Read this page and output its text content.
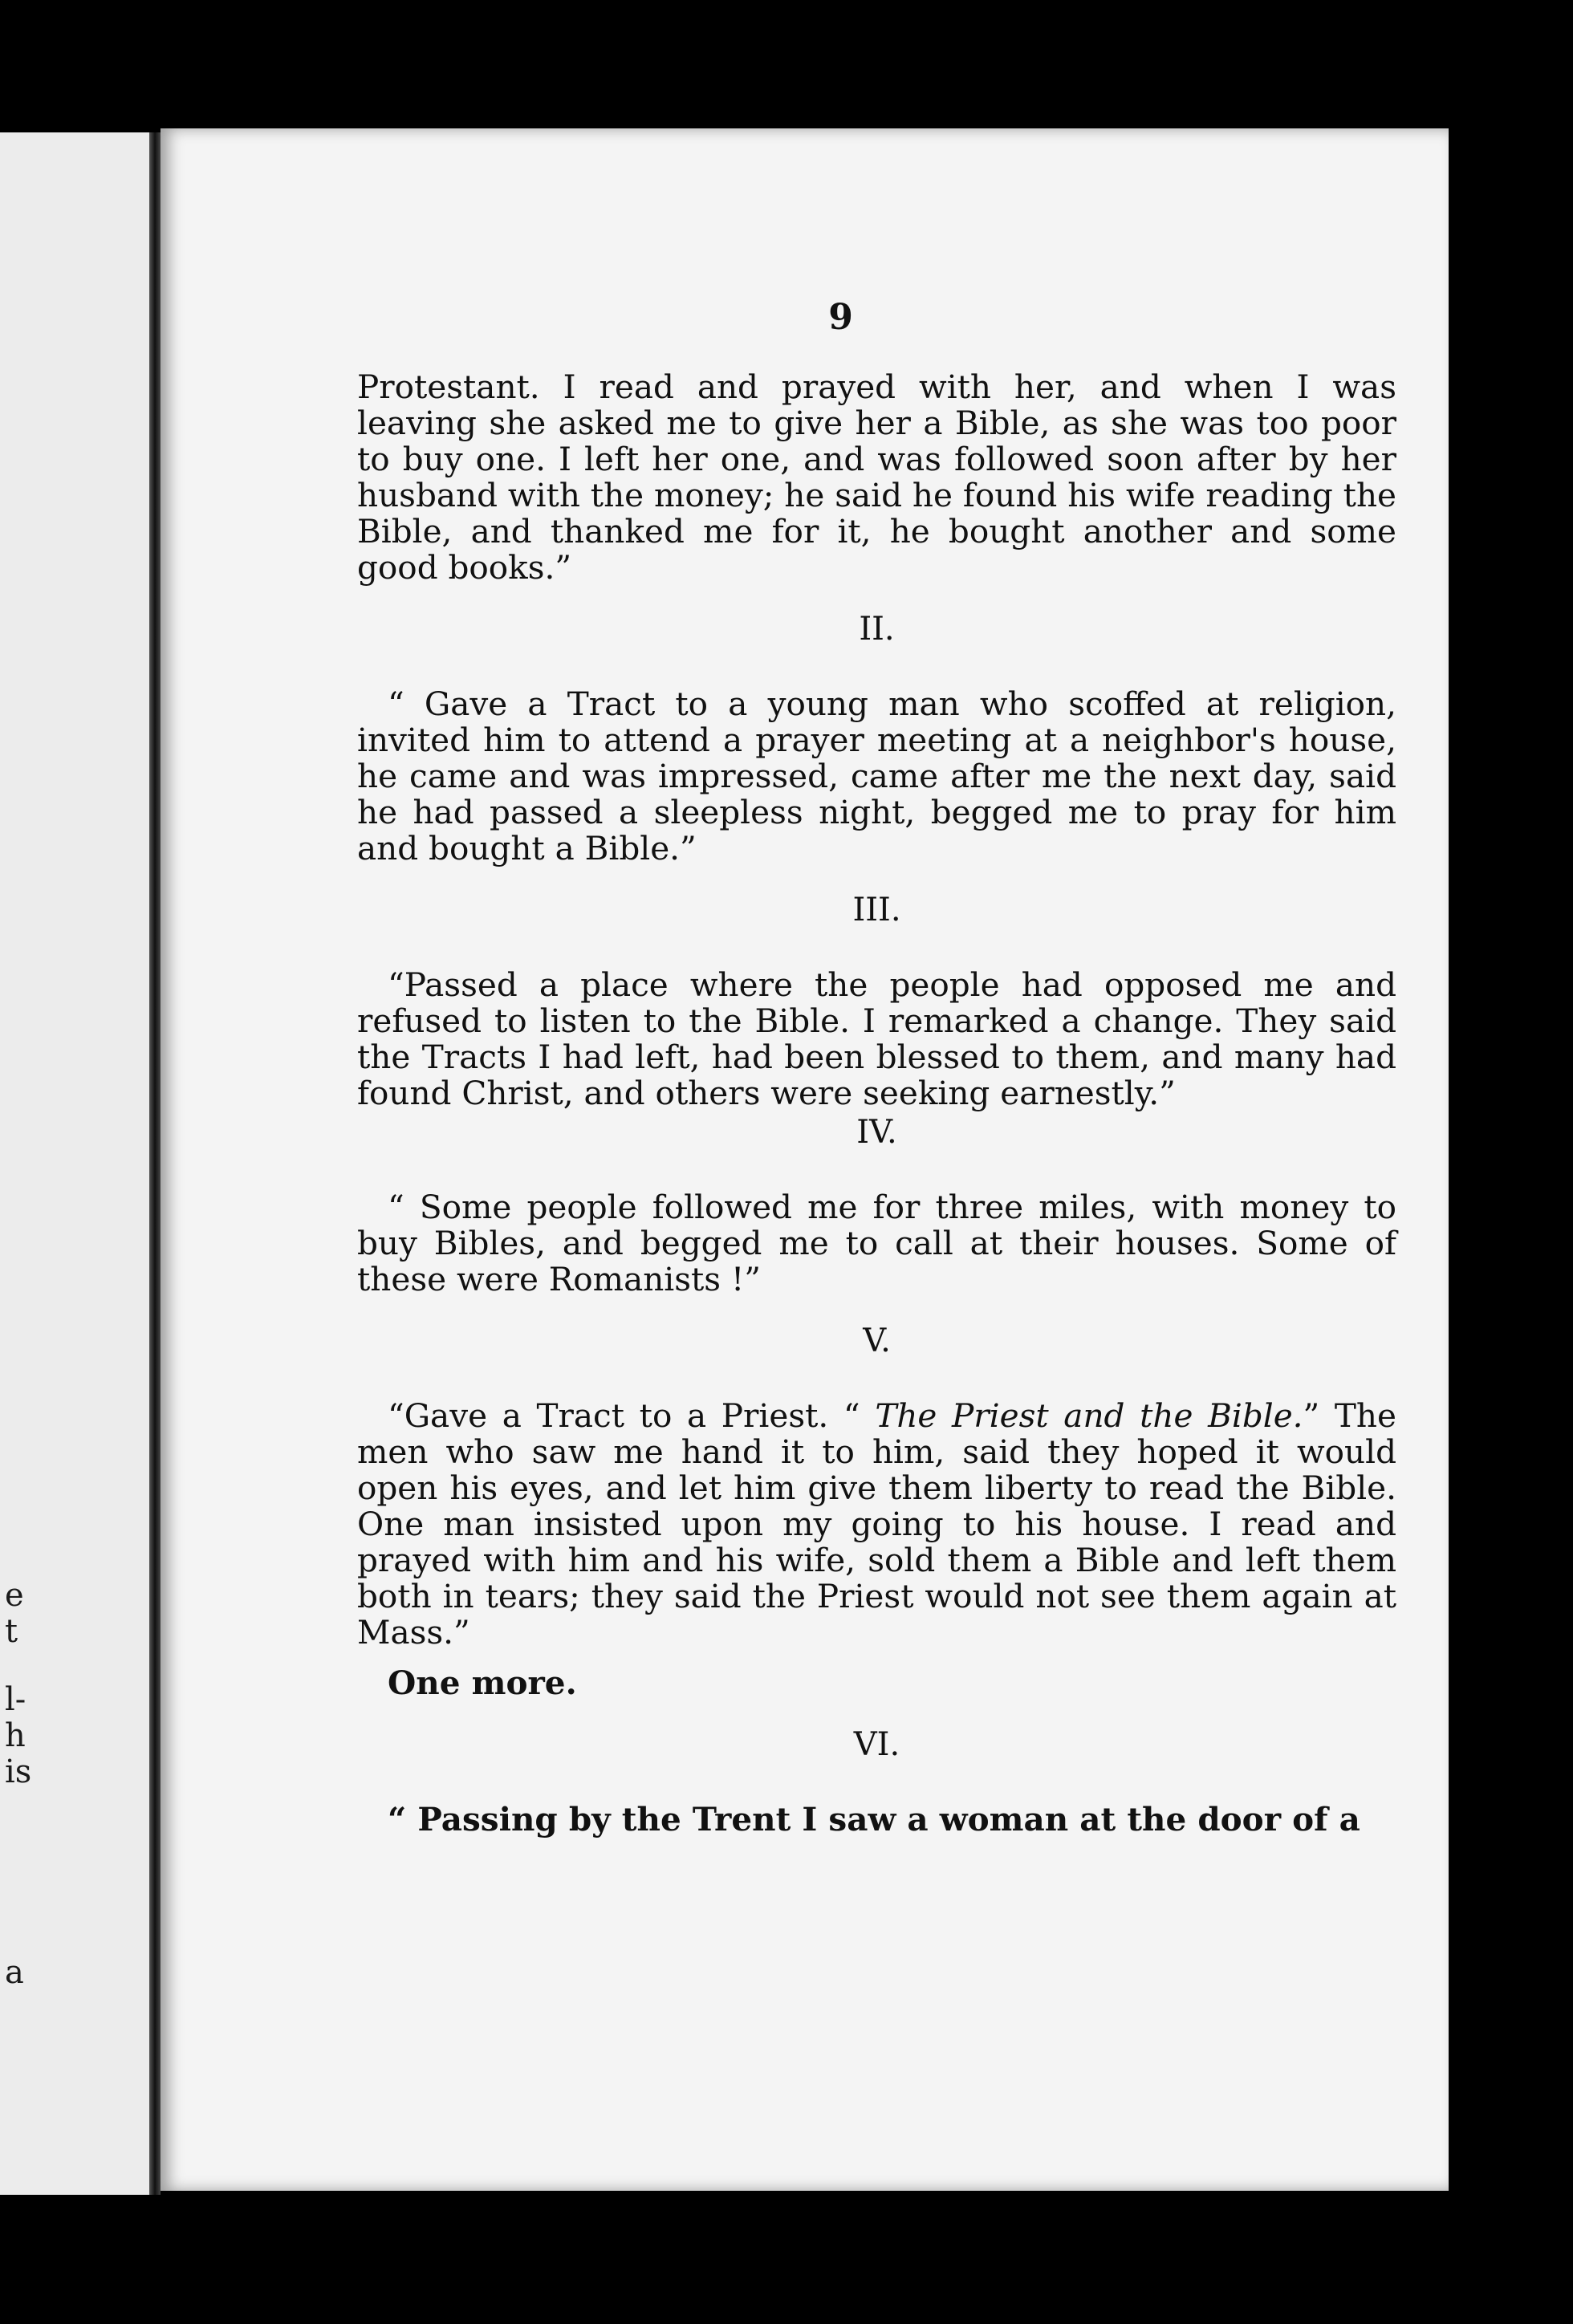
e
t
l-
h
is
a
9

Protestant. I read and prayed with her, and when I was leaving she asked me to give her a Bible, as she was too poor to buy one. I left her one, and was followed soon after by her husband with the money; he said he found his wife reading the Bible, and thanked me for it, he bought another and some good books.”

II.

“ Gave a Tract to a young man who scoffed at religion, invited him to attend a prayer meeting at a neighbor's house, he came and was impressed, came after me the next day, said he had passed a sleepless night, begged me to pray for him and bought a Bible.”

III.

“Passed a place where the people had opposed me and refused to listen to the Bible. I remarked a change. They said the Tracts I had left, had been blessed to them, and many had found Christ, and others were seeking earnestly.”

IV.

“ Some people followed me for three miles, with money to buy Bibles, and begged me to call at their houses. Some of these were Romanists !”

V.

“Gave a Tract to a Priest. “ The Priest and the Bible.” The men who saw me hand it to him, said they hoped it would open his eyes, and let him give them liberty to read the Bible. One man insisted upon my going to his house. I read and prayed with him and his wife, sold them a Bible and left them both in tears; they said the Priest would not see them again at Mass.”

One more.

VI.

“ Passing by the Trent I saw a woman at the door of a
